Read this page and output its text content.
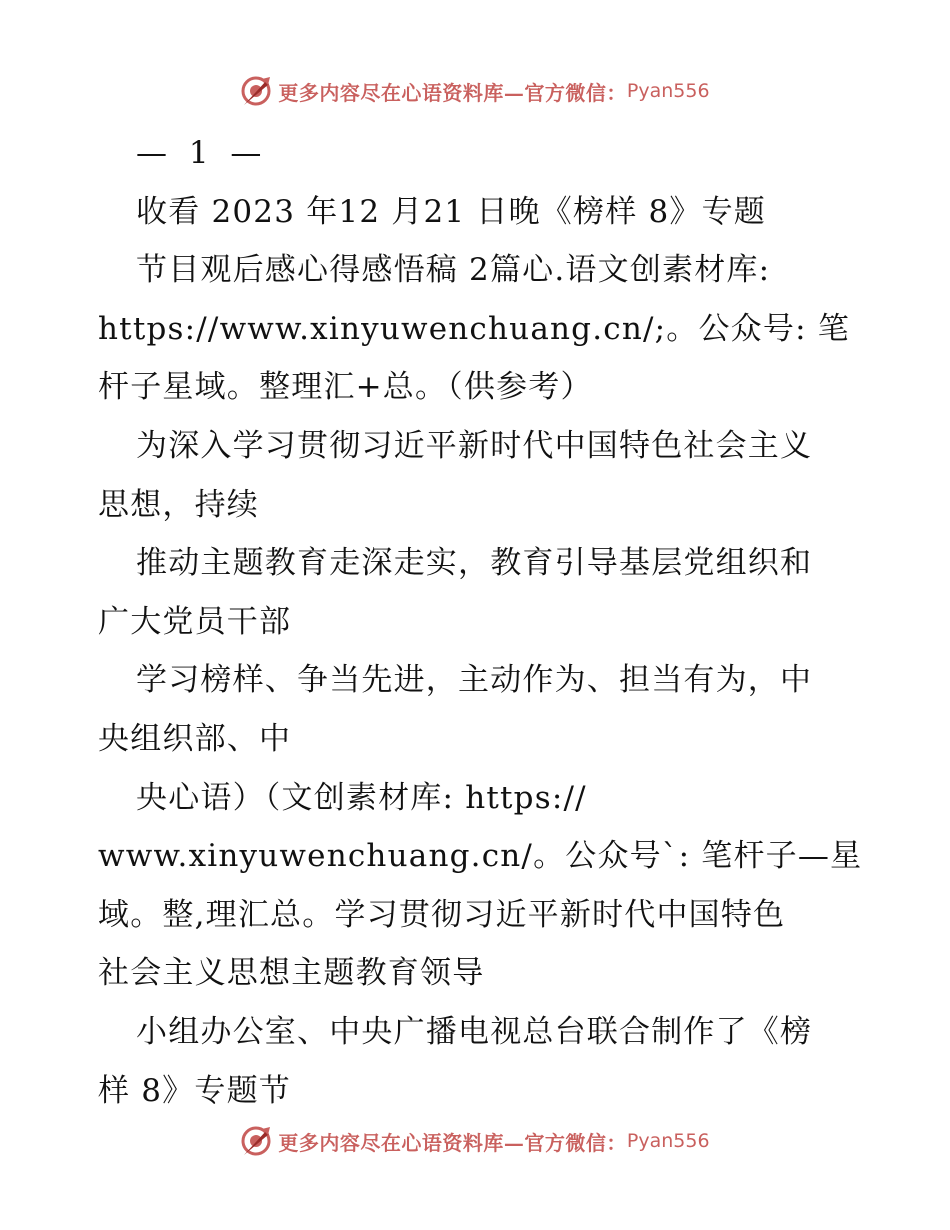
更多内容尽在心语资料库—官方微信： Pyan556
— 1 —
收看 2023 年12 月21 日晚《榜样 8》专题
节目观后感心得感悟稿 2篇心.语文创素材库:
https://www.xinyuwenchuang.cn/;。公众号: 笔
杆子星域。整理汇+总。（供参考）
为深入学习贯彻习近平新时代中国特色社会主义
思想，持续
推动主题教育走深走实，教育引导基层党组织和
广大党员干部
学习榜样、争当先进，主动作为、担当有为，中
央组织部、中
央心语）（文创素材库: https://
www.xinyuwenchuang.cn/。公众号`: 笔杆子—星
域。整,理汇总。学习贯彻习近平新时代中国特色
社会主义思想主题教育领导
小组办公室、中央广播电视总台联合制作了《榜
样 8》专题节
更多内容尽在心语资料库—官方微信： Pyan556
